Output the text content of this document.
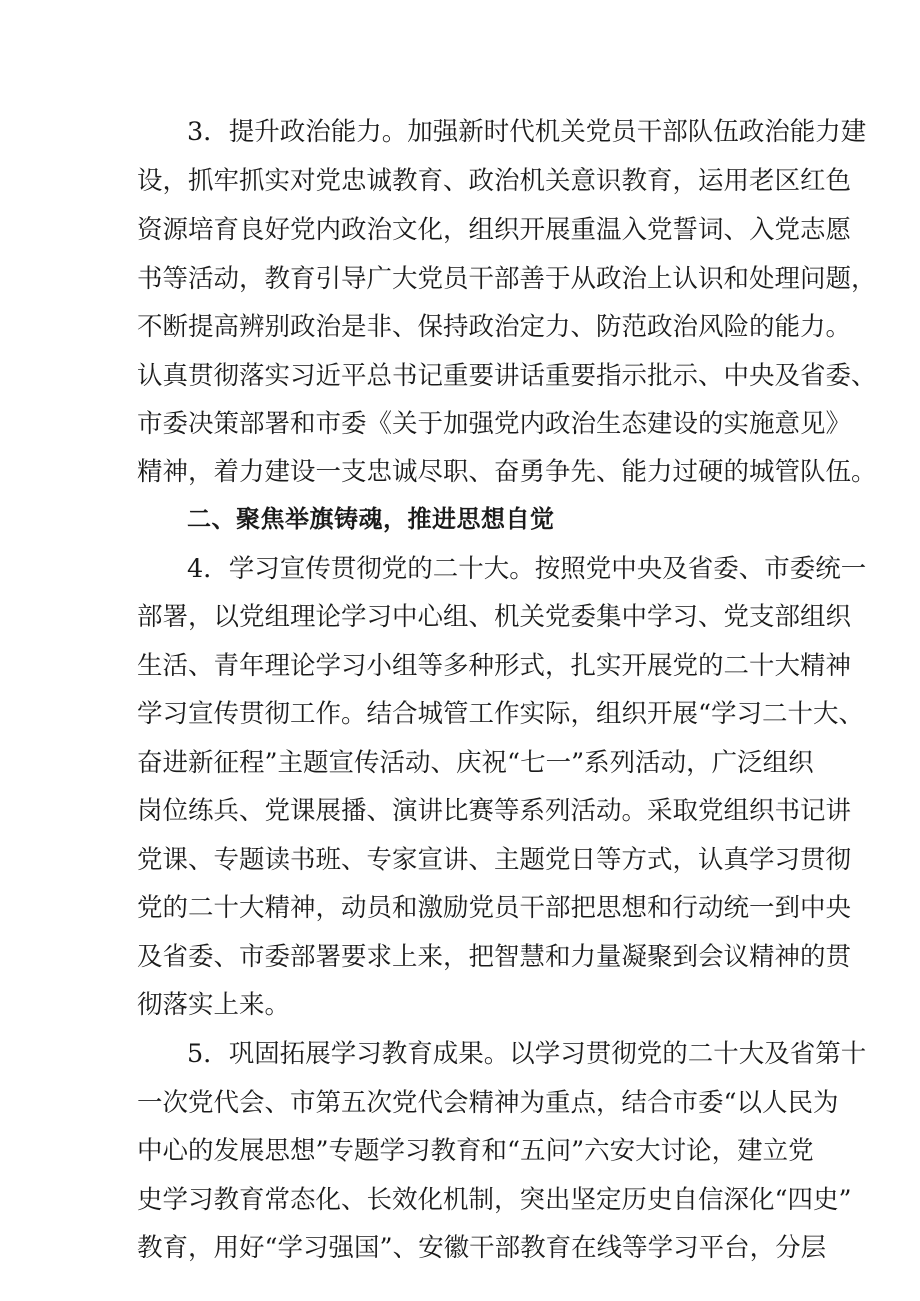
3．提升政治能力。加强新时代机关党员干部队伍政治能力建
设，抓牢抓实对党忠诚教育、政治机关意识教育，运用老区红色
资源培育良好党内政治文化，组织开展重温入党誓词、入党志愿
书等活动，教育引导广大党员干部善于从政治上认识和处理问题，
不断提高辨别政治是非、保持政治定力、防范政治风险的能力。
认真贯彻落实习近平总书记重要讲话重要指示批示、中央及省委、
市委决策部署和市委《关于加强党内政治生态建设的实施意见》
精神，着力建设一支忠诚尽职、奋勇争先、能力过硬的城管队伍。
二、聚焦举旗铸魂，推进思想自觉
4．学习宣传贯彻党的二十大。按照党中央及省委、市委统一
部署，以党组理论学习中心组、机关党委集中学习、党支部组织
生活、青年理论学习小组等多种形式，扎实开展党的二十大精神
学习宣传贯彻工作。结合城管工作实际，组织开展“学习二十大、
奋进新征程”主题宣传活动、庆祝“七一”系列活动，广泛组织
岗位练兵、党课展播、演讲比赛等系列活动。采取党组织书记讲
党课、专题读书班、专家宣讲、主题党日等方式，认真学习贯彻
党的二十大精神，动员和激励党员干部把思想和行动统一到中央
及省委、市委部署要求上来，把智慧和力量凝聚到会议精神的贯
彻落实上来。
5．巩固拓展学习教育成果。以学习贯彻党的二十大及省第十
一次党代会、市第五次党代会精神为重点，结合市委“以人民为
中心的发展思想”专题学习教育和“五问”六安大讨论，建立党
史学习教育常态化、长效化机制，突出坚定历史自信深化“四史”
教育，用好“学习强国”、安徽干部教育在线等学习平台，分层
